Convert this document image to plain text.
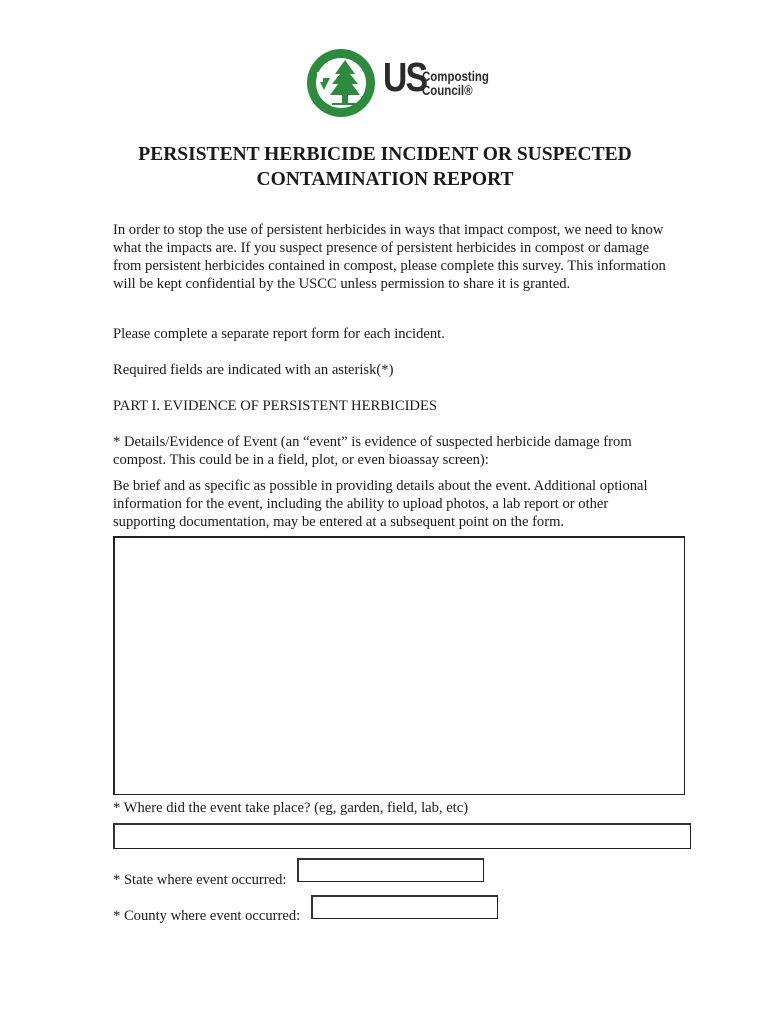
US
Composting
Council®
PERSISTENT HERBICIDE INCIDENT OR SUSPECTED
CONTAMINATION REPORT

In order to stop the use of persistent herbicides in ways that impact compost, we need to know what the impacts are. If you suspect presence of persistent herbicides in compost or damage from persistent herbicides contained in compost, please complete this survey. This information will be kept confidential by the USCC unless permission to share it is granted.

Please complete a separate report form for each incident.

Required fields are indicated with an asterisk(*)

PART I. EVIDENCE OF PERSISTENT HERBICIDES

* Details/Evidence of Event (an “event” is evidence of suspected herbicide damage from compost. This could be in a field, plot, or even bioassay screen):

Be brief and as specific as possible in providing details about the event. Additional optional information for the event, including the ability to upload photos, a lab report or other supporting documentation, may be entered at a subsequent point on the form.

* Where did the event take place? (eg, garden, field, lab, etc)

* State where event occurred:

* County where event occurred:
